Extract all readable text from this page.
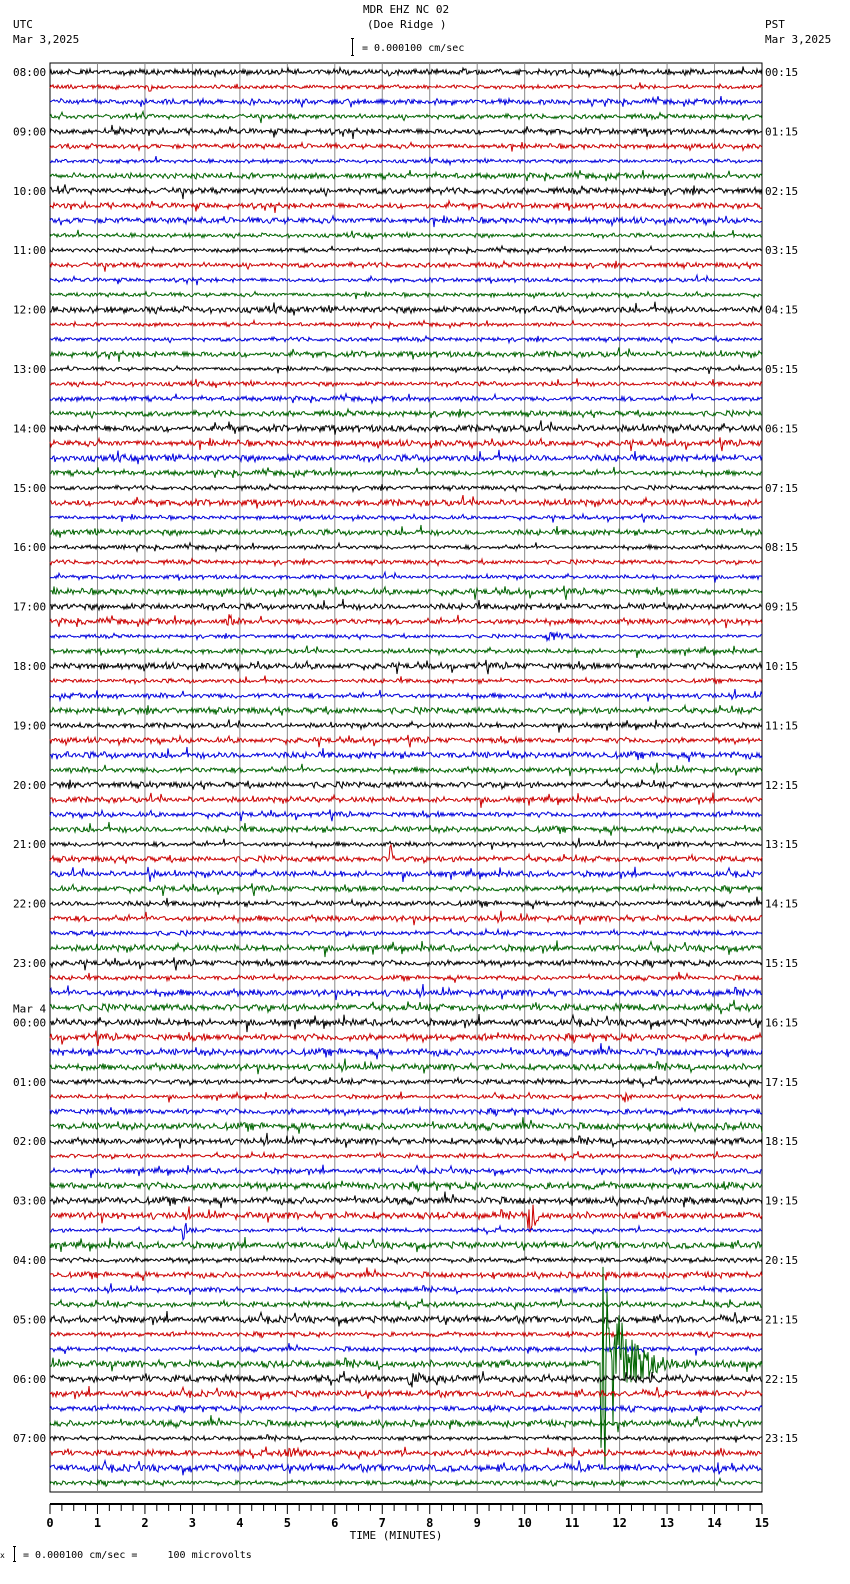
MDR EHZ NC 02
(Doe Ridge )
UTC
Mar 3,2025
PST
Mar 3,2025
= 0.000100 cm/sec
08:00
09:00
10:00
11:00
12:00
13:00
14:00
15:00
16:00
17:00
18:00
19:00
20:00
21:00
22:00
23:00
00:00
01:00
02:00
03:00
04:00
05:00
06:00
07:00
Mar 4
00:15
01:15
02:15
03:15
04:15
05:15
06:15
07:15
08:15
09:15
10:15
11:15
12:15
13:15
14:15
15:15
16:15
17:15
18:15
19:15
20:15
21:15
22:15
23:15
0	1	2	3	4	5	6	7	8	9	10	11	12	13	14	15
TIME (MINUTES)
x = 0.000100 cm/sec =     100 microvolts
